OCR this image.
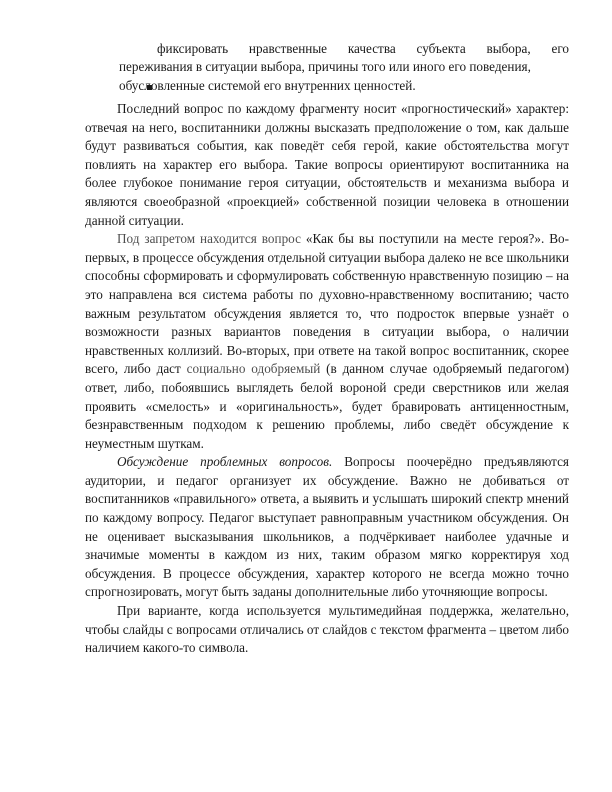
фиксировать нравственные качества субъекта выбора, его
переживания в ситуации выбора, причины того или иного его поведения,
обусловленные системой его внутренних ценностей.

Последний вопрос по каждому фрагменту носит «прогностический» характер: отвечая на него, воспитанники должны высказать предположение о том, как дальше будут развиваться события, как поведёт себя герой, какие обстоятельства могут повлиять на характер его выбора. Такие вопросы ориентируют воспитанника на более глубокое понимание героя ситуации, обстоятельств и механизма выбора и являются своеобразной «проекцией» собственной позиции человека в отношении данной ситуации.

Под запретом находится вопрос «Как бы вы поступили на месте героя?». Во-первых, в процессе обсуждения отдельной ситуации выбора далеко не все школьники способны сформировать и сформулировать собственную нравственную позицию – на это направлена вся система работы по духовно-нравственному воспитанию; часто важным результатом обсуждения является то, что подросток впервые узнаёт о возможности разных вариантов поведения в ситуации выбора, о наличии нравственных коллизий. Во-вторых, при ответе на такой вопрос воспитанник, скорее всего, либо даст социально одобряемый (в данном случае одобряемый педагогом) ответ, либо, побоявшись выглядеть белой вороной среди сверстников или желая проявить «смелость» и «оригинальность», будет бравировать антиценностным, безнравственным подходом к решению проблемы, либо сведёт обсуждение к неуместным шуткам.

Обсуждение проблемных вопросов. Вопросы поочерёдно предъявляются аудитории, и педагог организует их обсуждение. Важно не добиваться от воспитанников «правильного» ответа, а выявить и услышать широкий спектр мнений по каждому вопросу. Педагог выступает равноправным участником обсуждения. Он не оценивает высказывания школьников, а подчёркивает наиболее удачные и значимые моменты в каждом из них, таким образом мягко корректируя ход обсуждения. В процессе обсуждения, характер которого не всегда можно точно спрогнозировать, могут быть заданы дополнительные либо уточняющие вопросы.

При варианте, когда используется мультимедийная поддержка, желательно, чтобы слайды с вопросами отличались от слайдов с текстом фрагмента – цветом либо наличием какого-то символа.
